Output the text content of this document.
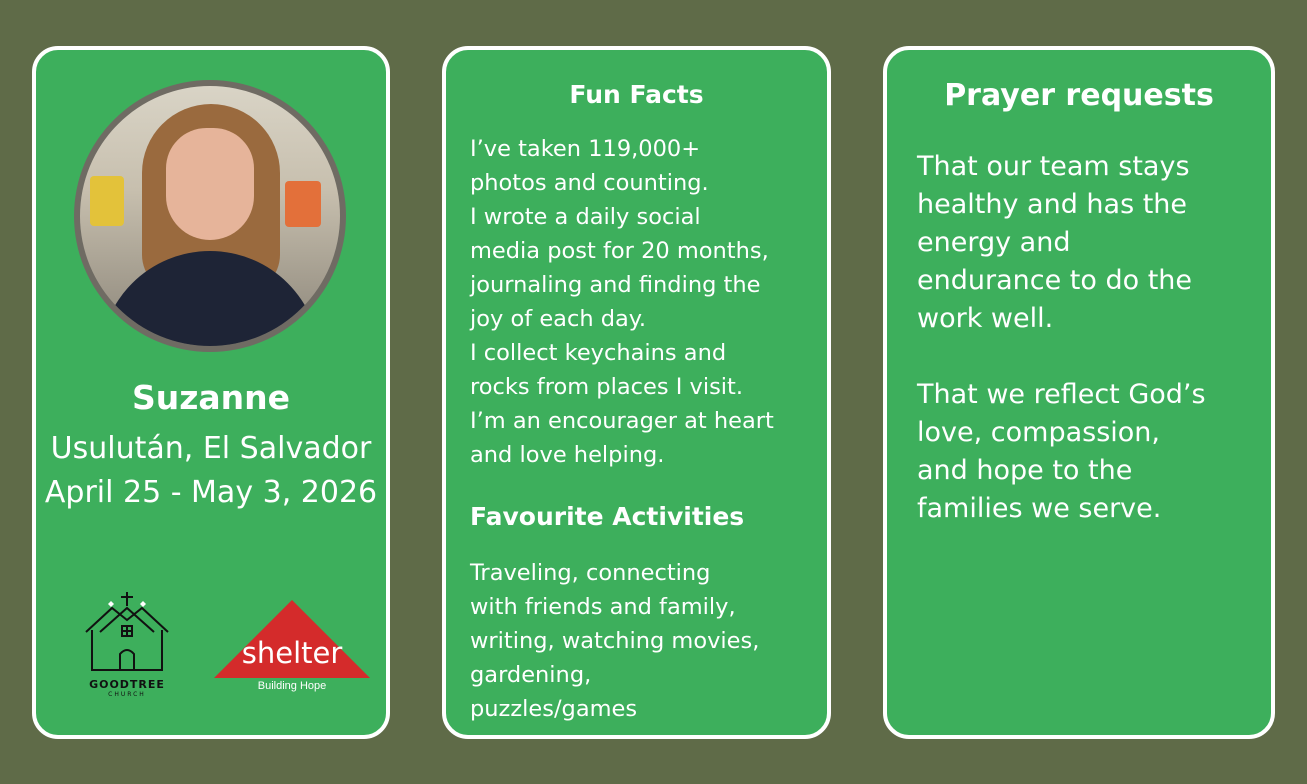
Suzanne
Usulután, El Salvador
April 25 - May 3, 2026
GOODTREE
CHURCH
shelter
Building Hope
Fun Facts
I’ve taken 119,000+
photos and counting.
I wrote a daily social
media post for 20 months,
journaling and finding the
joy of each day.
I collect keychains and
rocks from places I visit.
I’m an encourager at heart
and love helping.
Favourite Activities
Traveling, connecting
with friends and family,
writing, watching movies,
gardening,
puzzles/games
Prayer requests
That our team stays
healthy and has the
energy and
endurance to do the
work well.

That we reflect God’s
love, compassion,
and hope to the
families we serve.
